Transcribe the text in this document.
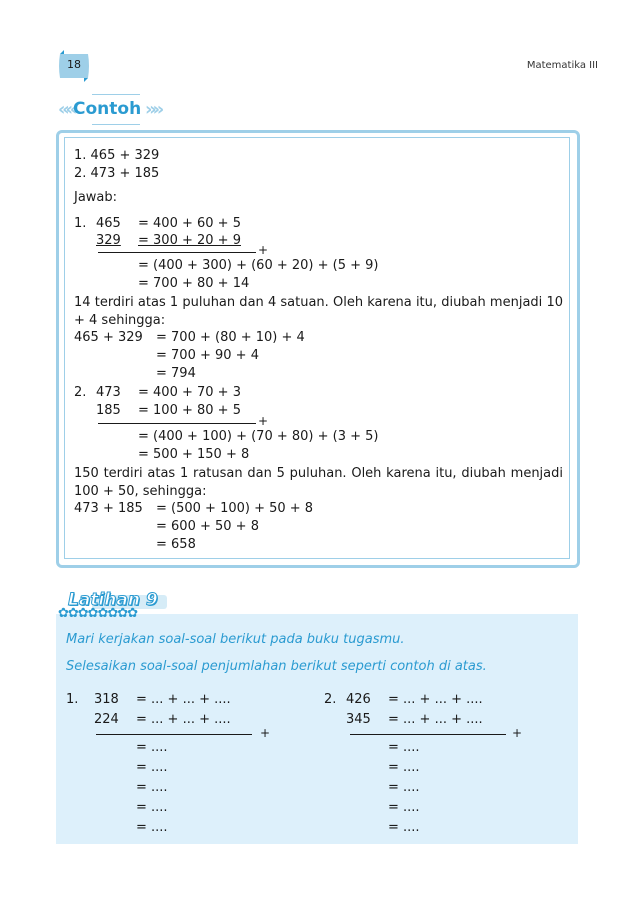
18	Matematika III
««	»»
Contoh
1. 465 + 329
2. 473 + 185
Jawab:
1. 465 = 400 + 60 + 5
329 = 300 + 20 + 9
+
= (400 + 300) + (60 + 20) + (5 + 9)
= 700 + 80 + 14
14 terdiri atas 1 puluhan dan 4 satuan. Oleh karena itu, diubah menjadi 10 + 4 sehingga:
465 + 329 = 700 + (80 + 10) + 4
= 700 + 90 + 4
= 794
2. 473 = 400 + 70 + 3
185 = 100 + 80 + 5
+
= (400 + 100) + (70 + 80) + (3 + 5)
= 500 + 150 + 8
150 terdiri atas 1 ratusan dan 5 puluhan. Oleh karena itu, diubah menjadi 100 + 50, sehingga:
473 + 185 = (500 + 100) + 50 + 8
= 600 + 50 + 8
= 658
Latihan 9
✿✿✿✿✿✿✿✿
Mari kerjakan soal-soal berikut pada buku tugasmu.
Selesaikan soal-soal penjumlahan berikut seperti contoh di atas.
1. 318 = ... + ... + ....
224 = ... + ... + ....
+
= ....
= ....
= ....
= ....
= ....
2. 426 = ... + ... + ....
345 = ... + ... + ....
+
= ....
= ....
= ....
= ....
= ....
